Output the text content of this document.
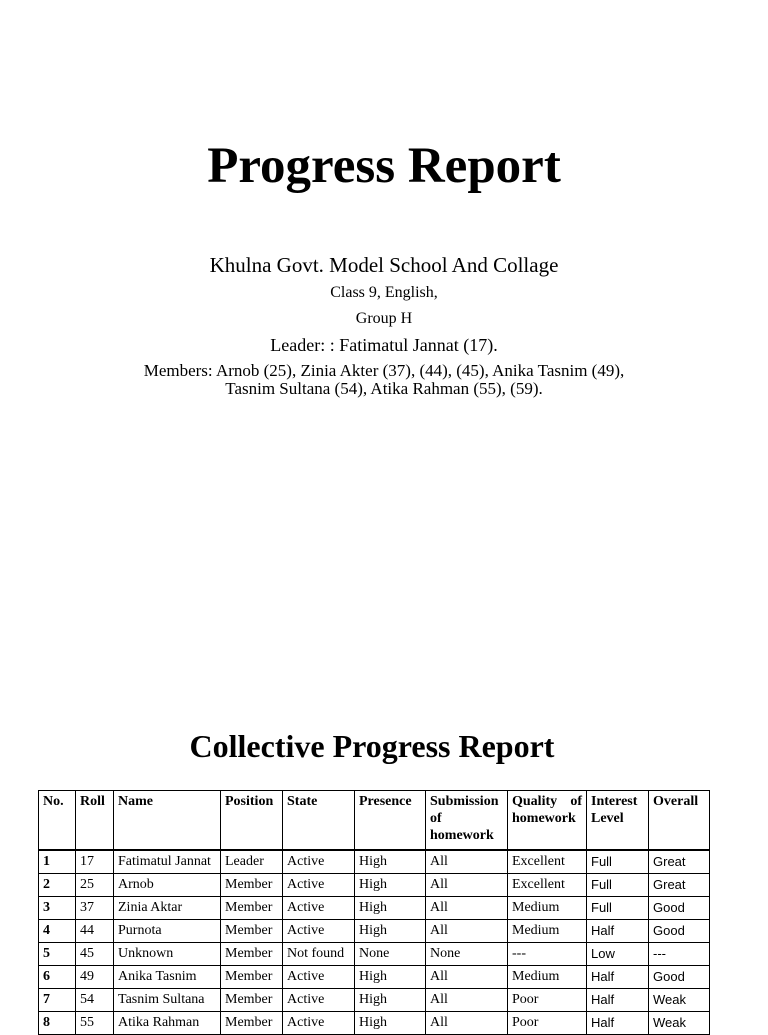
Progress Report
Khulna Govt. Model School And Collage
Class 9, English,
Group H
Leader: : Fatimatul Jannat (17).
Members: Arnob (25), Zinia Akter (37), (44), (45), Anika Tasnim (49),
Tasnim Sultana (54), Atika Rahman (55), (59).
Collective Progress Report
No.	Roll	Name	Position	State	Presence	Submission of homework	Quality of homework	Interest Level	Overall
1	17	Fatimatul Jannat	Leader	Active	High	All	Excellent	Full	Great
2	25	Arnob	Member	Active	High	All	Excellent	Full	Great
3	37	Zinia Aktar	Member	Active	High	All	Medium	Full	Good
4	44	Purnota	Member	Active	High	All	Medium	Half	Good
5	45	Unknown	Member	Not found	None	None	---	Low	---
6	49	Anika Tasnim	Member	Active	High	All	Medium	Half	Good
7	54	Tasnim Sultana	Member	Active	High	All	Poor	Half	Weak
8	55	Atika Rahman	Member	Active	High	All	Poor	Half	Weak
